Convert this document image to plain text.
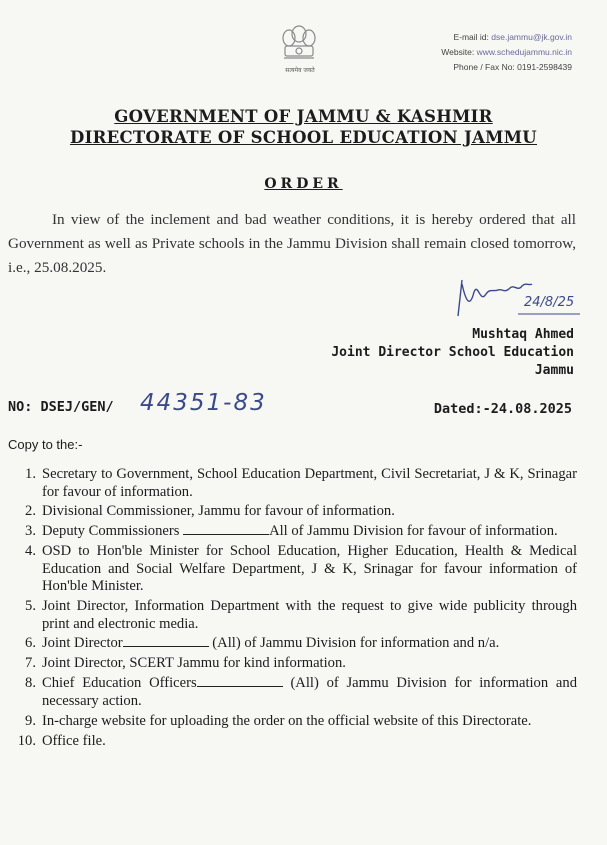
सत्यमेव जयते
E-mail id: dse.jammu@jk.gov.in
Website: www.schedujammu.nic.in
Phone / Fax No: 0191-2598439
GOVERNMENT OF JAMMU & KASHMIR
DIRECTORATE OF SCHOOL EDUCATION JAMMU
ORDER
In view of the inclement and bad weather conditions, it is hereby ordered that all Government as well as Private schools in the Jammu Division shall remain closed tomorrow, i.e., 25.08.2025.
24/8/25
Mushtaq Ahmed
Joint Director School Education
Jammu
NO: DSEJ/GEN/ 44351-83	Dated:-24.08.2025
Copy to the:-
1. Secretary to Government, School Education Department, Civil Secretariat, J & K, Srinagar for favour of information.
2. Divisional Commissioner, Jammu for favour of information.
3. Deputy Commissioners	All of Jammu Division for favour of information.
4. OSD to Hon'ble Minister for School Education, Higher Education, Health & Medical Education and Social Welfare Department, J & K, Srinagar for favour information of Hon'ble Minister.
5. Joint Director, Information Department with the request to give wide publicity through print and electronic media.
6. Joint Director	(All) of Jammu Division for information and n/a.
7. Joint Director, SCERT Jammu for kind information.
8. Chief Education Officers	(All) of Jammu Division for information and necessary action.
9. In-charge website for uploading the order on the official website of this Directorate.
10. Office file.
